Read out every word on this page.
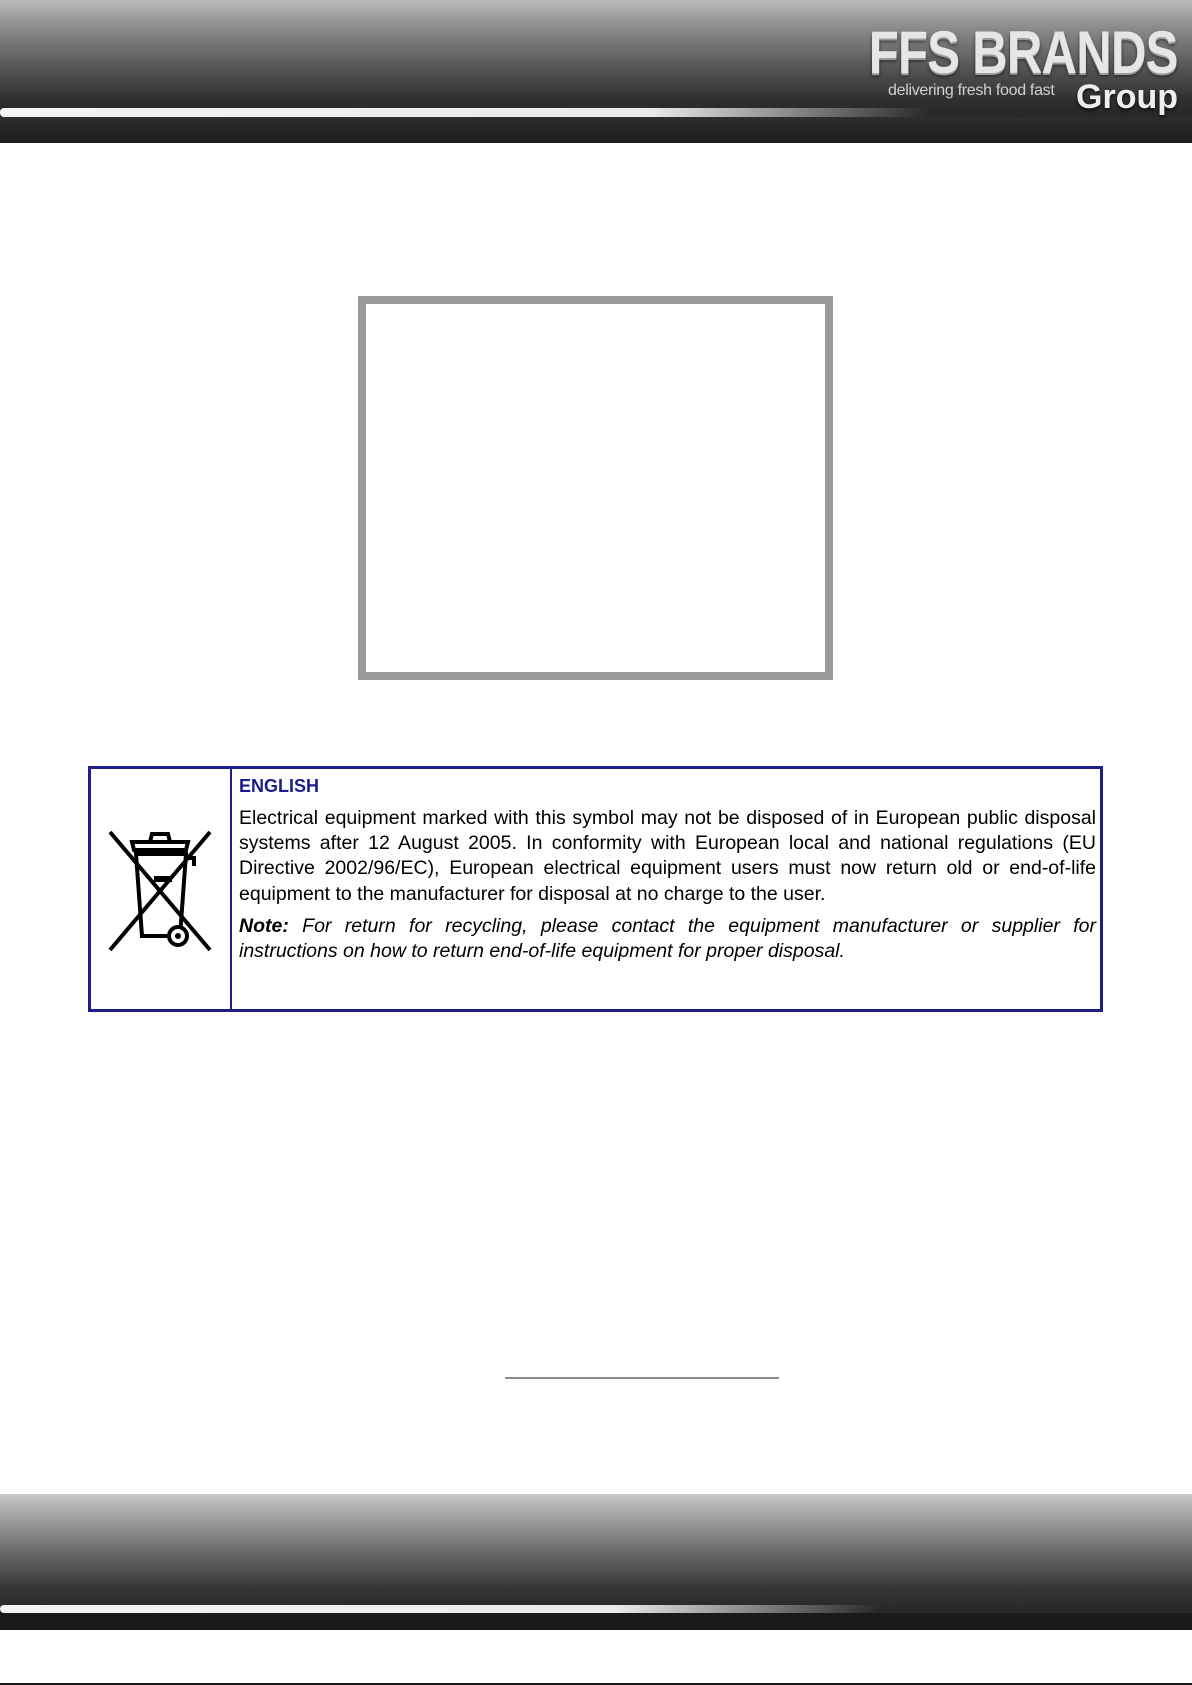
FFS BRANDS
delivering fresh food fast Group

ENGLISH

Electrical equipment marked with this symbol may not be disposed of in European public disposal systems after 12 August 2005. In conformity with European local and national regulations (EU Directive 2002/96/EC), European electrical equipment users must now return old or end-of-life equipment to the manufacturer for disposal at no charge to the user.

Note: For return for recycling, please contact the equipment manufacturer or supplier for instructions on how to return end-of-life equipment for proper disposal.
